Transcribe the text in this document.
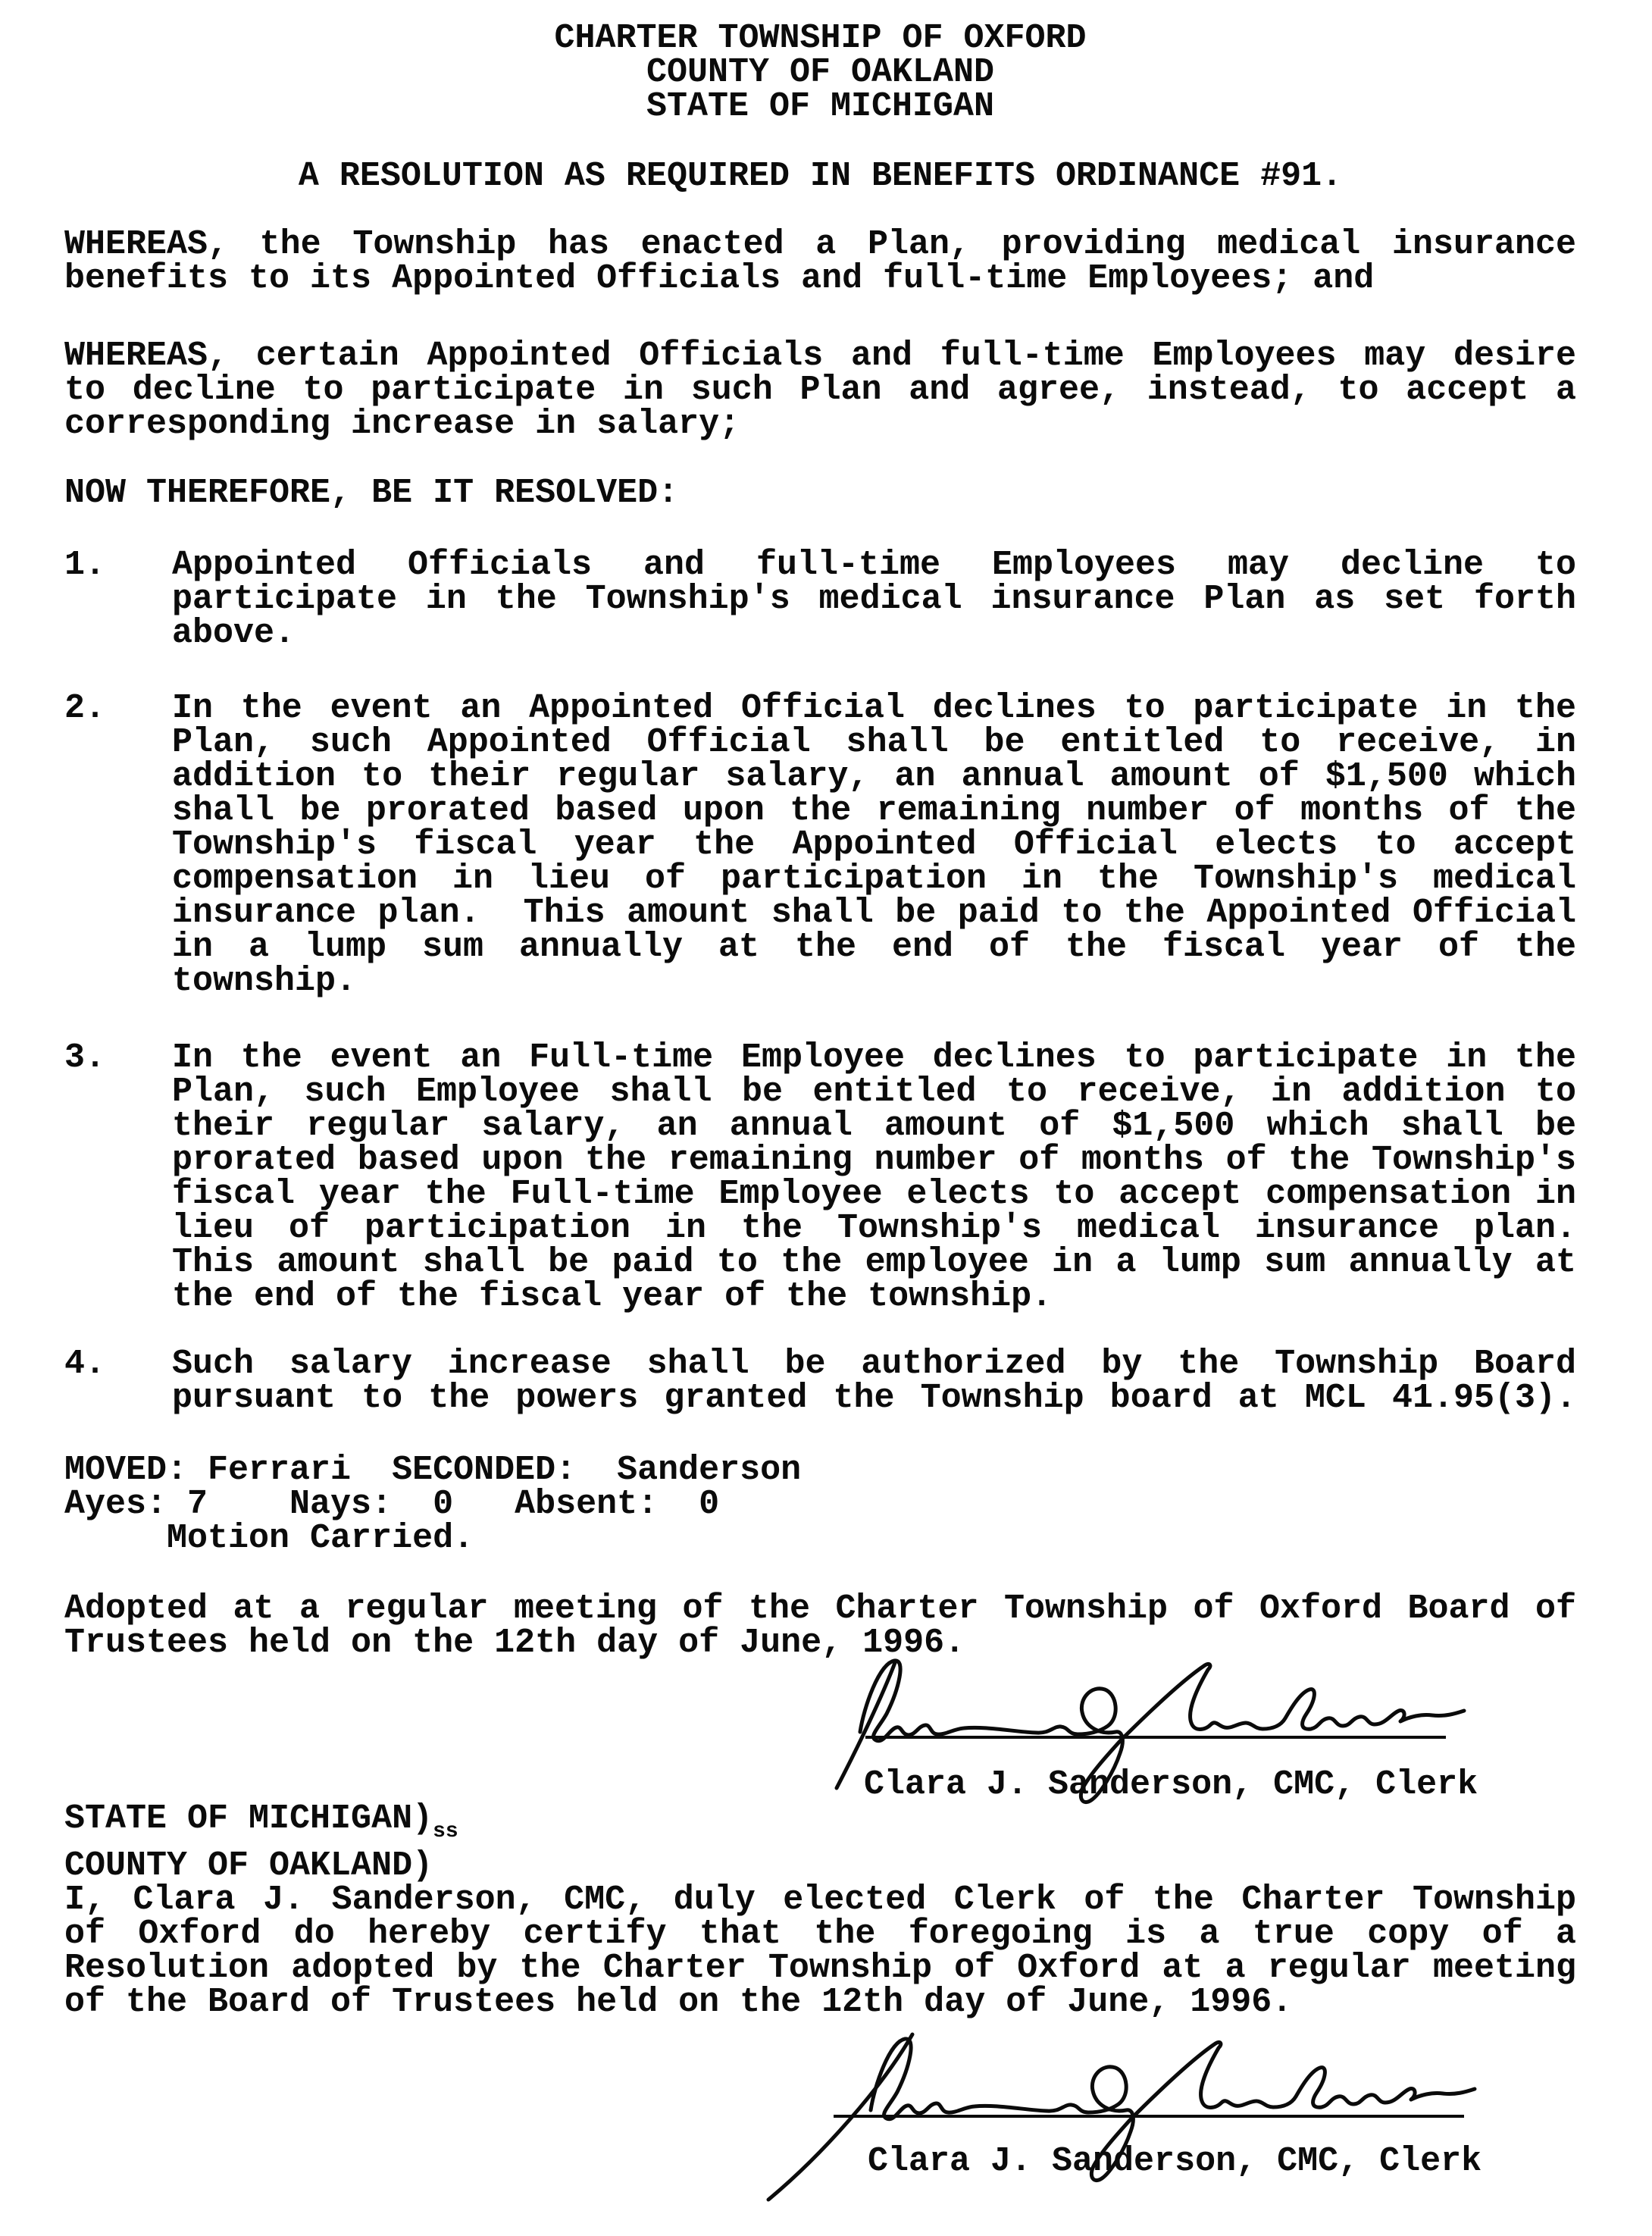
CHARTER TOWNSHIP OF OXFORD
COUNTY OF OAKLAND
STATE OF MICHIGAN
A RESOLUTION AS REQUIRED IN BENEFITS ORDINANCE #91.
WHEREAS, the Township has enacted a Plan, providing medical insurance
benefits to its Appointed Officials and full-time Employees; and
WHEREAS, certain Appointed Officials and full-time Employees may desire
to decline to participate in such Plan and agree, instead, to accept a
corresponding increase in salary;
NOW THEREFORE, BE IT RESOLVED:
1.	Appointed Officials and full-time Employees may decline to
participate in the Township's medical insurance Plan as set forth
above.
2.	In the event an Appointed Official declines to participate in the
Plan, such Appointed Official shall be entitled to receive, in
addition to their regular salary, an annual amount of $1,500 which
shall be prorated based upon the remaining number of months of the
Township's fiscal year the Appointed Official elects to accept
compensation in lieu of participation in the Township's medical
insurance plan.  This amount shall be paid to the Appointed Official
in a lump sum annually at the end of the fiscal year of the
township.
3.	In the event an Full-time Employee declines to participate in the
Plan, such Employee shall be entitled to receive, in addition to
their regular salary, an annual amount of $1,500 which shall be
prorated based upon the remaining number of months of the Township's
fiscal year the Full-time Employee elects to accept compensation in
lieu of participation in the Township's medical insurance plan.
This amount shall be paid to the employee in a lump sum annually at
the end of the fiscal year of the township.
4.	Such salary increase shall be authorized by the Township Board
pursuant to the powers granted the Township board at MCL 41.95(3).
MOVED: Ferrari  SECONDED:  Sanderson
Ayes: 7    Nays:  0   Absent:  0
Motion Carried.
Adopted at a regular meeting of the Charter Township of Oxford Board of
Trustees held on the 12th day of June, 1996.
Clara J. Sanderson, CMC, Clerk
STATE OF $MICHIGAN)_{ss}$
COUNTY OF OAKLAND)
I, Clara J. Sanderson, CMC, duly elected Clerk of the Charter Township
of Oxford do hereby certify that the foregoing is a true copy of a
Resolution adopted by the Charter Township of Oxford at a regular meeting
of the Board of Trustees held on the 12th day of June, 1996.
Clara J. Sanderson, CMC, Clerk
